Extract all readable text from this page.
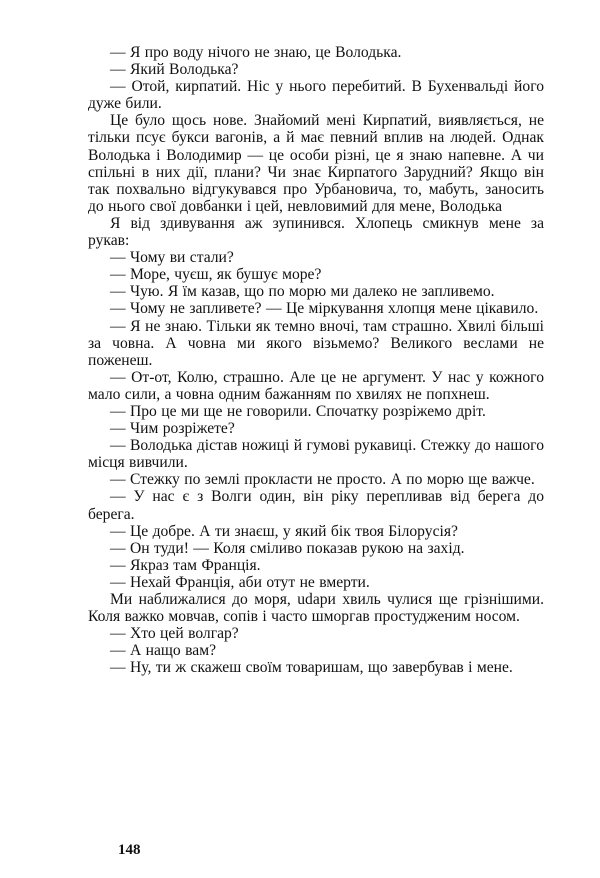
— Я про воду нічого не знаю, це Володька.

— Який Володька?

— Отой, кирпатий. Ніс у нього перебитий. В Бухенвальді його дуже били.

Це було щось нове. Знайомий мені Кирпатий, виявляється, не тільки псує букси вагонів, а й має певний вплив на людей. Однак Володька і Володимир — це особи різні, це я знаю напевне. А чи спільні в них дії, плани? Чи знає Кирпатого Зарудний? Якщо він так похвально відгукувався про Урбановича, то, мабуть, заносить до нього свої довбанки і цей, невловимий для мене, Володька

Я від здивування аж зупинився. Хлопець смикнув мене за рукав:

— Чому ви стали?

— Море, чуєш, як бушує море?

— Чую. Я їм казав, що по морю ми далеко не запливемо.

— Чому не запливете? — Це міркування хлопця мене цікавило.

— Я не знаю. Тільки як темно вночі, там страшно. Хвилі більші за човна. А човна ми якого візьмемо? Великого веслами не поженеш.

— От-от, Колю, страшно. Але це не аргумент. У нас у кожного мало сили, а човна одним бажанням по хвилях не попхнеш.

— Про це ми ще не говорили. Спочатку розріжемо дріт.

— Чим розріжете?

— Володька дістав ножиці й гумові рукавиці. Стежку до нашого місця вивчили.

— Стежку по землі прокласти не просто. А по морю ще важче.

— У нас є з Волги один, він ріку перепливав від берега до берега.

— Це добре. А ти знаєш, у який бік твоя Білорусія?

— Он туди! — Коля сміливо показав рукою на захід.

— Якраз там Франція.

— Нехай Франція, аби отут не вмерти.

Ми наближалися до моря, udари хвиль чулися ще грізнішими. Коля важко мовчав, сопів і часто шморгав простудженим носом.

— Хто цей волгар?

— А нащо вам?

— Ну, ти ж скажеш своїм товаришам, що завербував і мене.

148
